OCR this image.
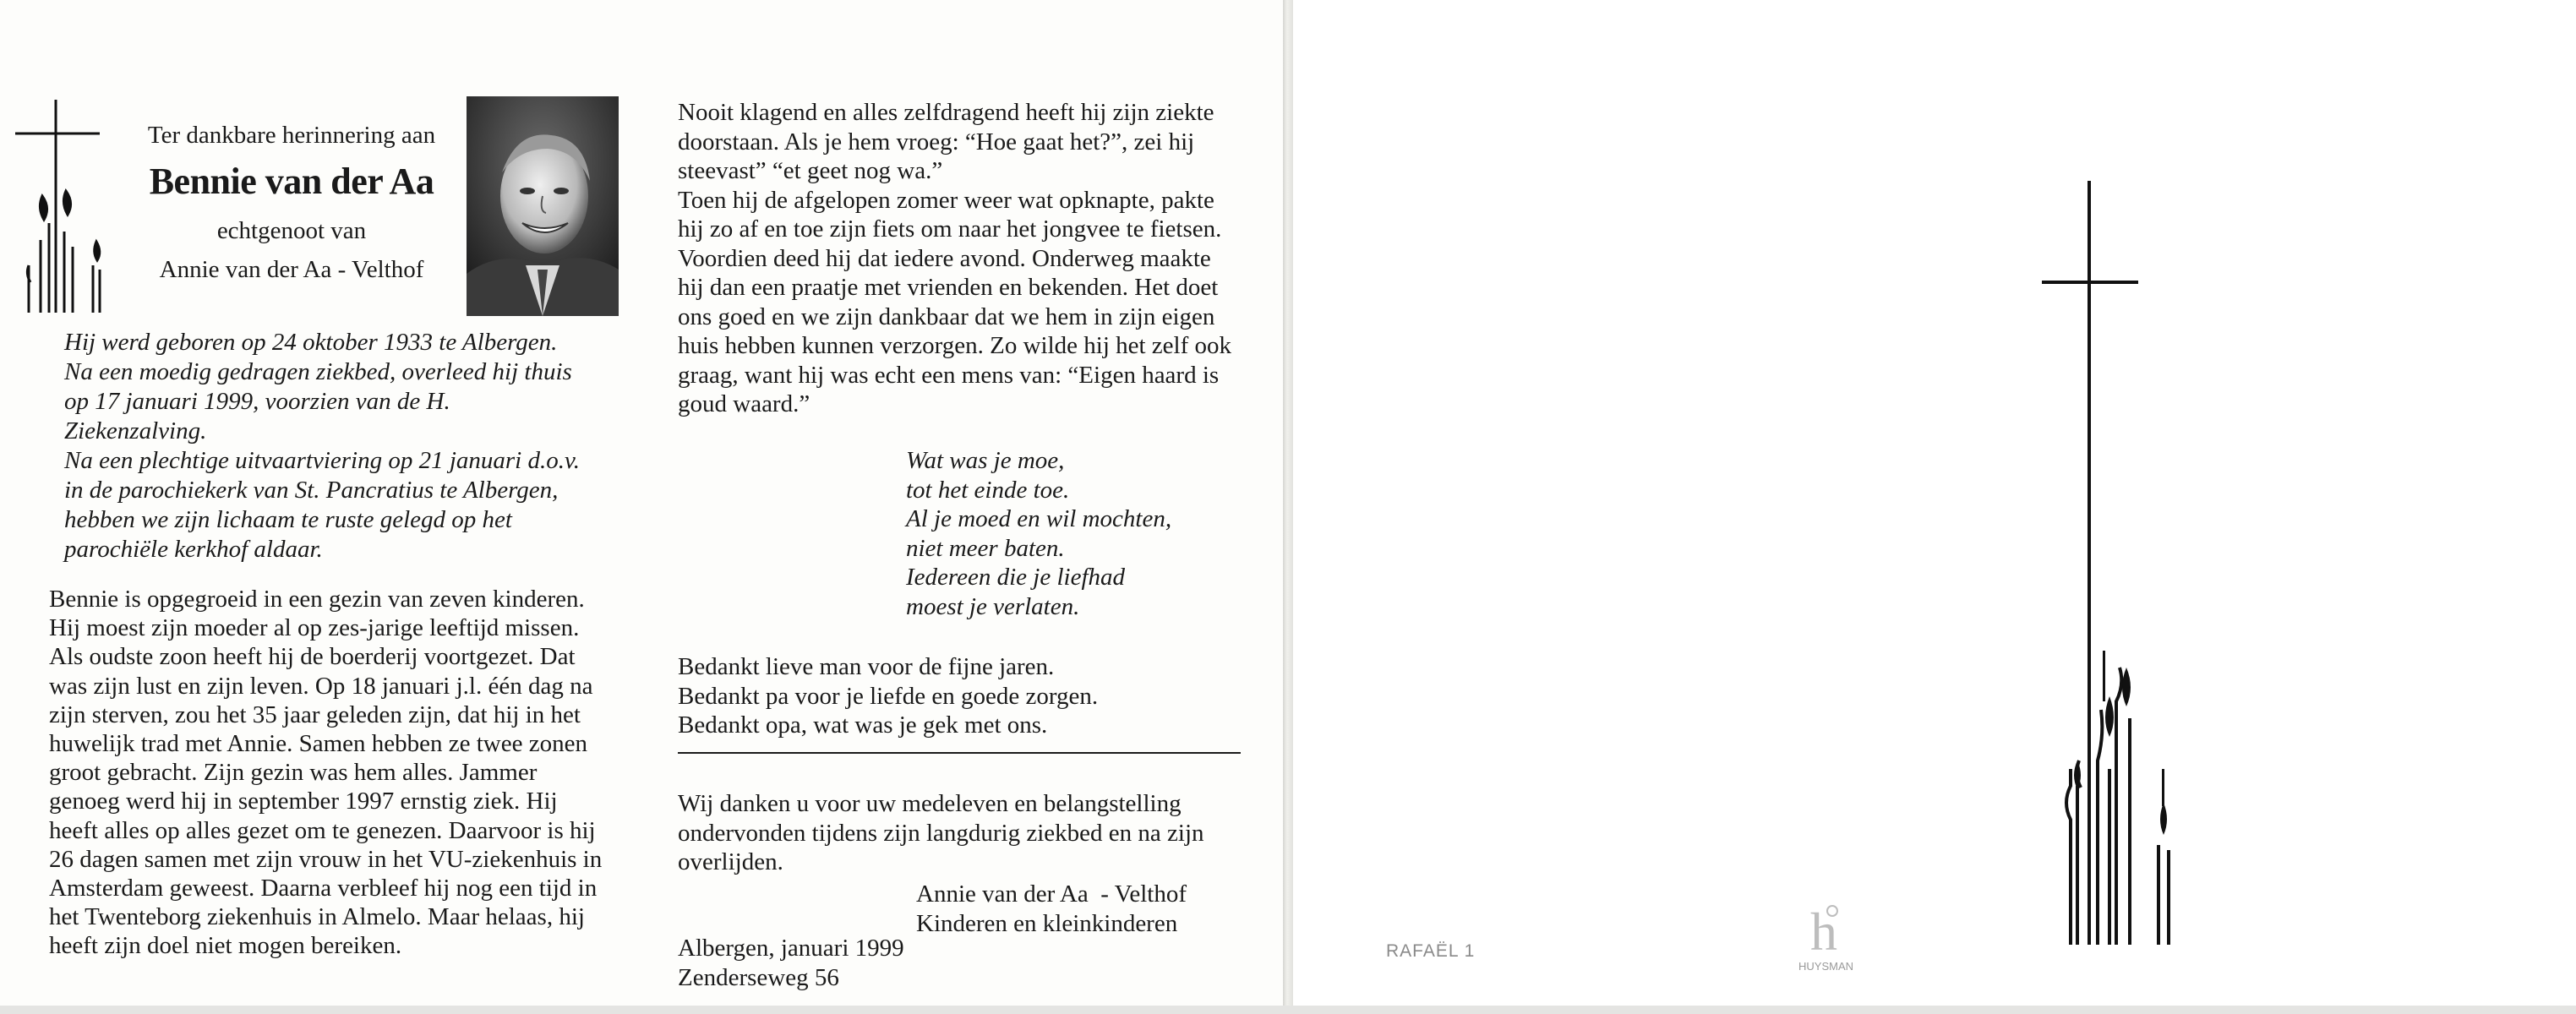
Ter dankbare herinnering aan
Bennie van der Aa
echtgenoot van
Annie van der Aa - Velthof

Hij werd geboren op 24 oktober 1933 te Albergen. Na een moedig gedragen ziekbed, overleed hij thuis op 17 januari 1999, voorzien van de H. Ziekenzalving.

Na een plechtige uitvaartviering op 21 januari d.o.v. in de parochiekerk van St. Pancratius te Albergen, hebben we zijn lichaam te ruste gelegd op het parochiële kerkhof aldaar.

Bennie is opgegroeid in een gezin van zeven kinderen. Hij moest zijn moeder al op zes-jarige leeftijd missen. Als oudste zoon heeft hij de boerderij voortgezet. Dat was zijn lust en zijn leven. Op 18 januari j.l. één dag na zijn sterven, zou het 35 jaar geleden zijn, dat hij in het huwelijk trad met Annie. Samen hebben ze twee zonen groot gebracht. Zijn gezin was hem alles. Jammer genoeg werd hij in september 1997 ernstig ziek. Hij heeft alles op alles gezet om te genezen. Daarvoor is hij 26 dagen samen met zijn vrouw in het VU-ziekenhuis in Amsterdam geweest. Daarna verbleef hij nog een tijd in het Twenteborg ziekenhuis in Almelo. Maar helaas, hij heeft zijn doel niet mogen bereiken.

Nooit klagend en alles zelfdragend heeft hij zijn ziekte doorstaan. Als je hem vroeg: “Hoe gaat het?”, zei hij steevast” “et geet nog wa.”

Toen hij de afgelopen zomer weer wat opknapte, pakte hij zo af en toe zijn fiets om naar het jongvee te fietsen. Voordien deed hij dat iedere avond. Onderweg maakte hij dan een praatje met vrienden en bekenden. Het doet ons goed en we zijn dankbaar dat we hem in zijn eigen huis hebben kunnen verzorgen. Zo wilde hij het zelf ook graag, want hij was echt een mens van: “Eigen haard is goud waard.”

Wat was je moe,
tot het einde toe.
Al je moed en wil mochten,
niet meer baten.
Iedereen die je liefhad
moest je verlaten.
Bedankt lieve man voor de fijne jaren.
Bedankt pa voor je liefde en goede zorgen.
Bedankt opa, wat was je gek met ons.

Wij danken u voor uw medeleven en belangstelling ondervonden tijdens zijn langdurig ziekbed en na zijn overlijden.

Annie van der Aa  - Velthof
Kinderen en kleinkinderen
Albergen, januari 1999
Zenderseweg 56
RAFAËL 1	h
HUYSMAN
